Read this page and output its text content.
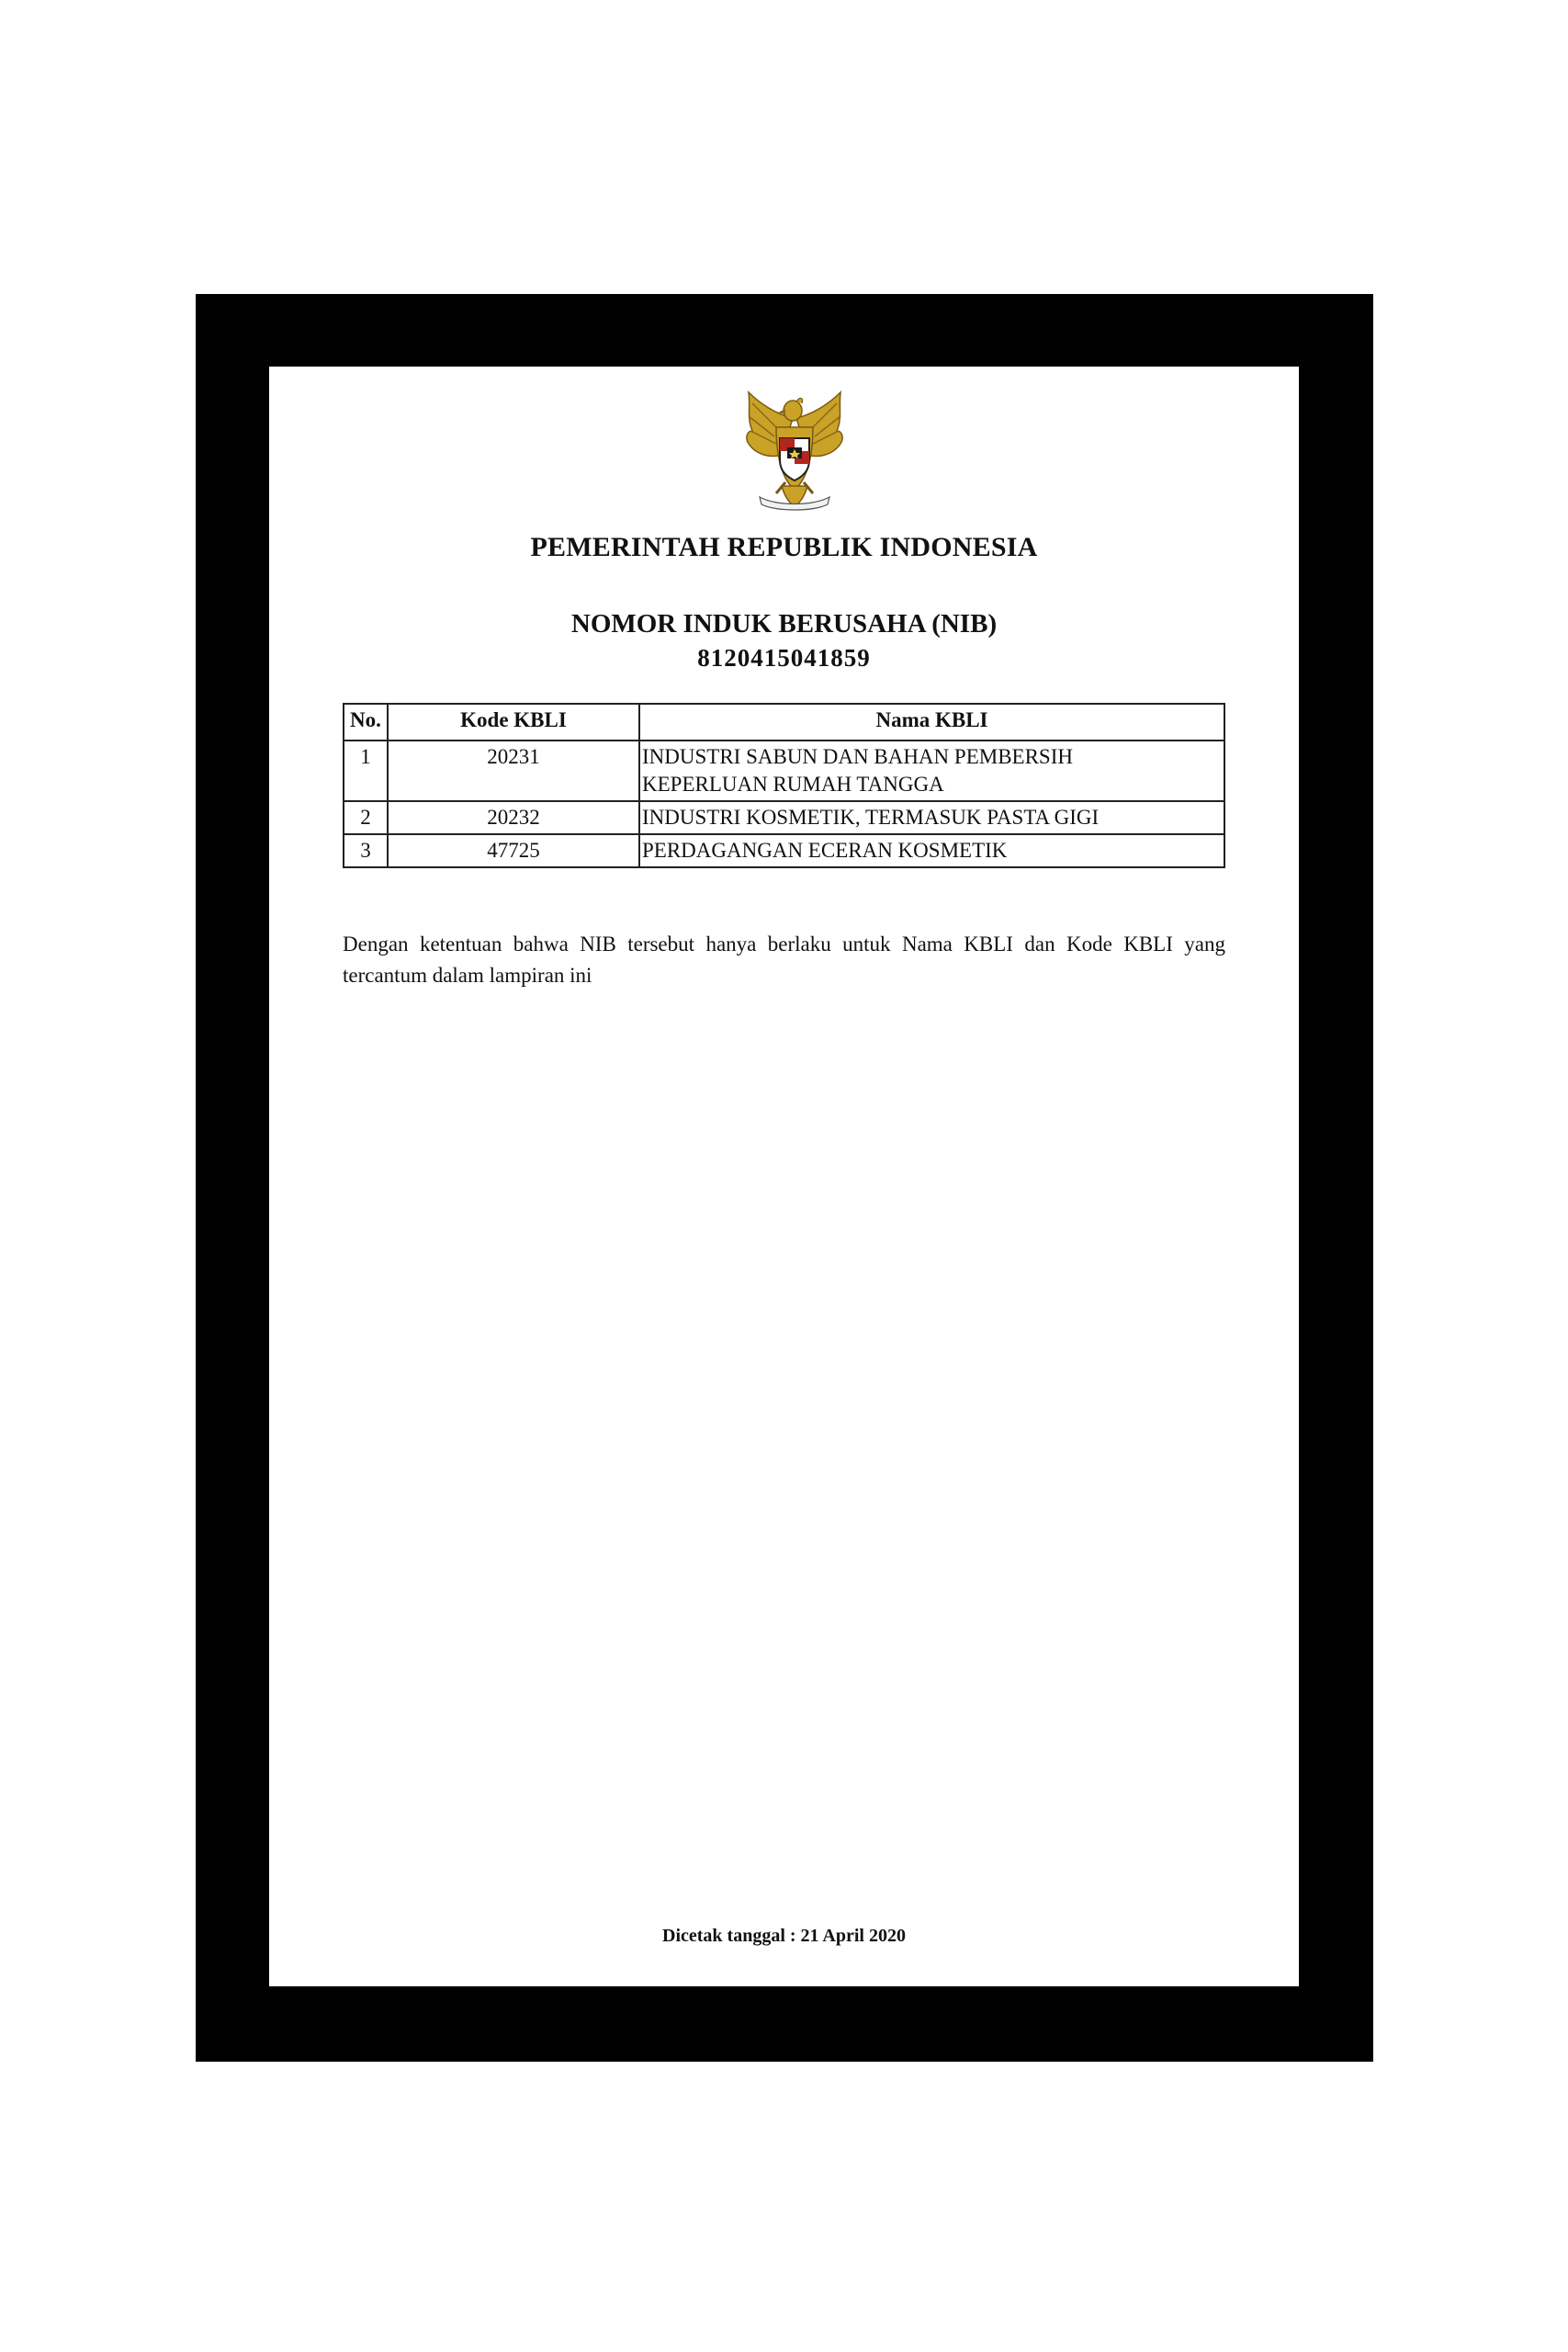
PEMERINTAH REPUBLIK INDONESIA
NOMOR INDUK BERUSAHA (NIB)
8120415041859
No.	Kode KBLI	Nama KBLI
1	20231	INDUSTRI SABUN DAN BAHAN PEMBERSIH
KEPERLUAN RUMAH TANGGA

2	20232	INDUSTRI KOSMETIK, TERMASUK PASTA GIGI
3	47725	PERDAGANGAN ECERAN KOSMETIK
Dengan ketentuan bahwa NIB tersebut hanya berlaku untuk Nama KBLI dan Kode KBLI yang tercantum dalam lampiran ini
Dicetak tanggal : 21 April 2020
